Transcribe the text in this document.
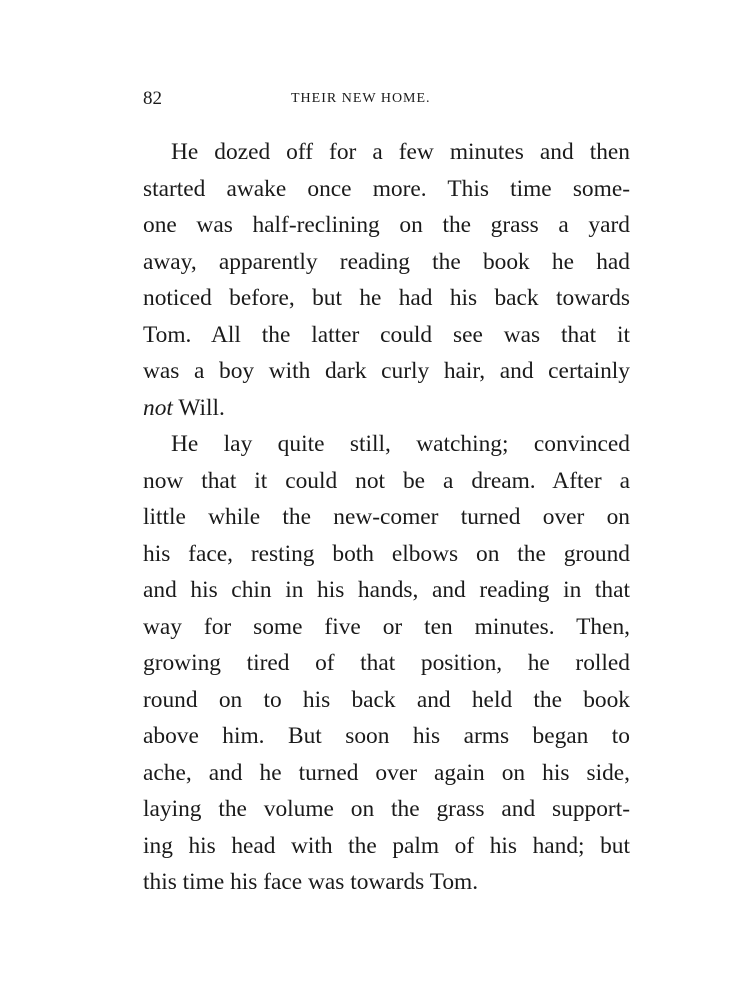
82	THEIR NEW HOME.
He dozed off for a few minutes and then
started awake once more. This time some-
one was half-reclining on the grass a yard
away, apparently reading the book he had
noticed before, but he had his back towards
Tom. All the latter could see was that it
was a boy with dark curly hair, and certainly
not Will.
He lay quite still, watching; convinced
now that it could not be a dream. After a
little while the new-comer turned over on
his face, resting both elbows on the ground
and his chin in his hands, and reading in that
way for some five or ten minutes. Then,
growing tired of that position, he rolled
round on to his back and held the book
above him. But soon his arms began to
ache, and he turned over again on his side,
laying the volume on the grass and support-
ing his head with the palm of his hand; but
this time his face was towards Tom.
